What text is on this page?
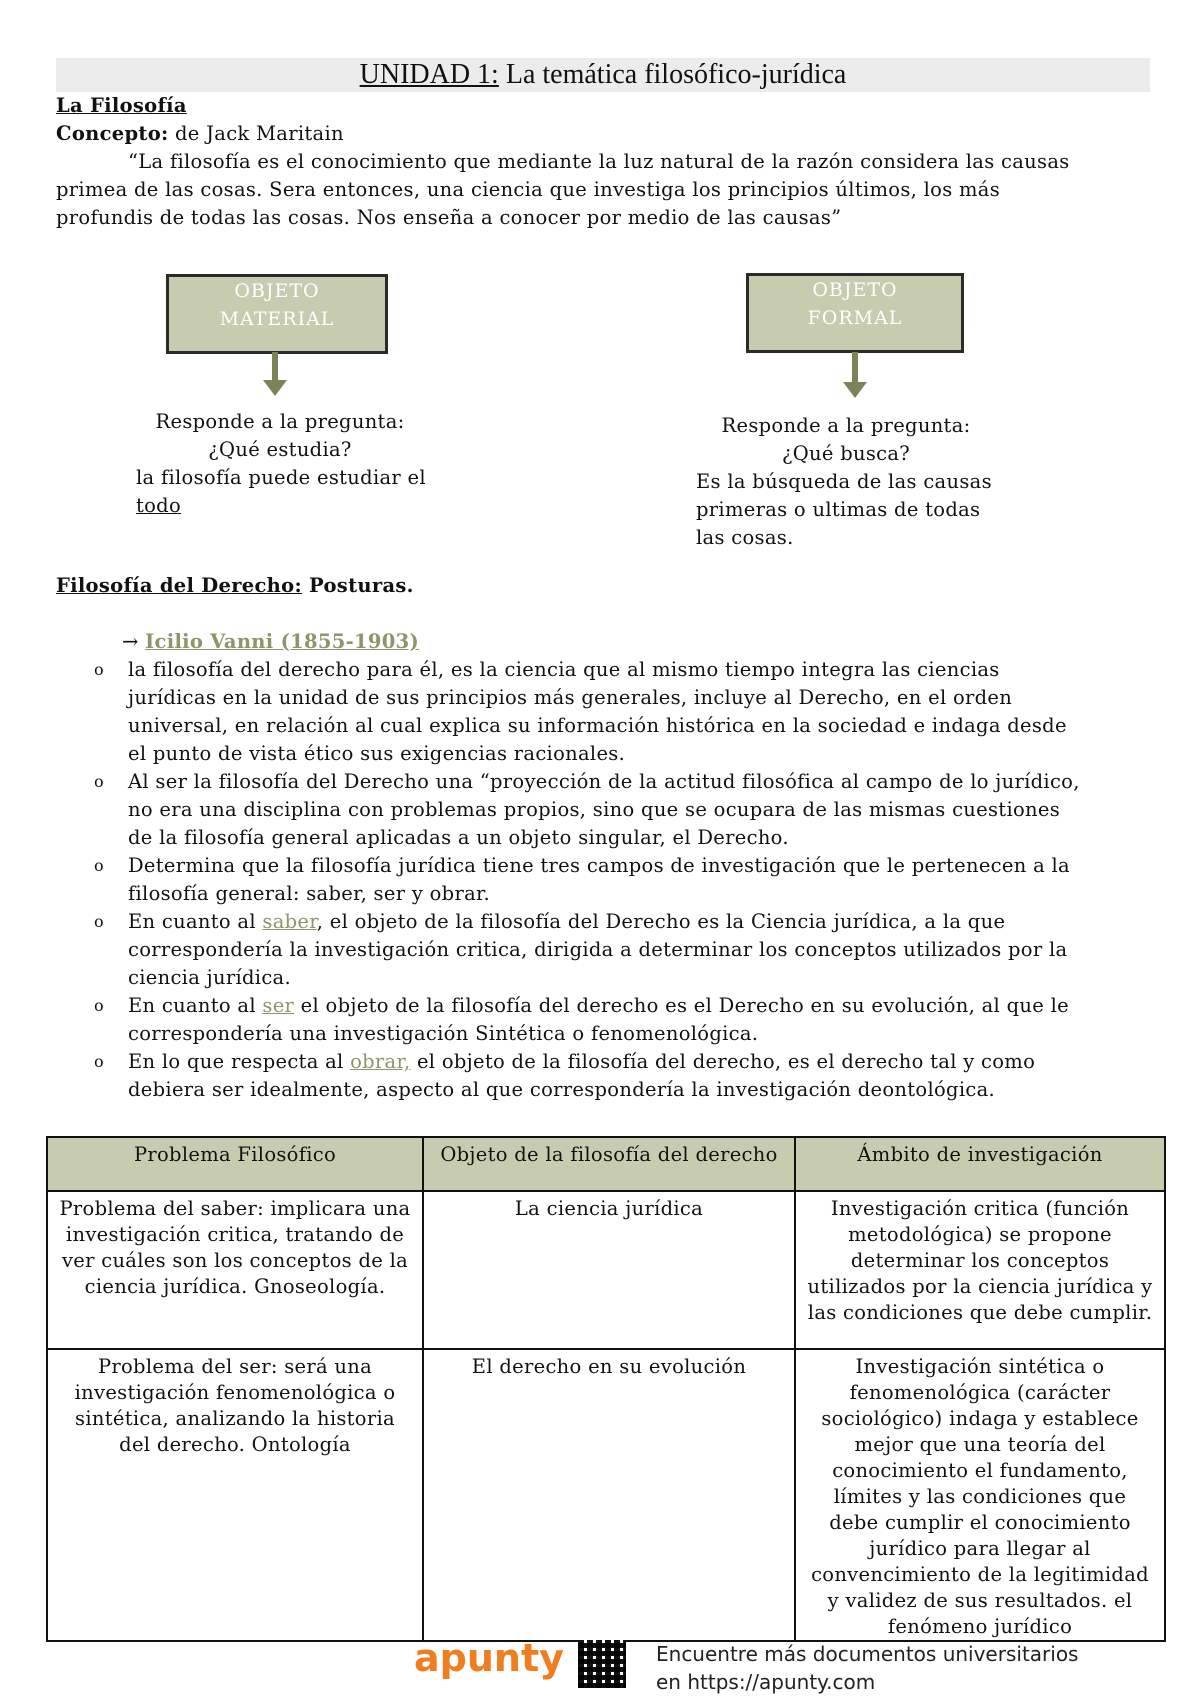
UNIDAD 1: La temática filosófico-jurídica
La Filosofía
Concepto: de Jack Maritain
“La filosofía es el conocimiento que mediante la luz natural de la razón considera las causas
primea de las cosas. Sera entonces, una ciencia que investiga los principios últimos, los más
profundis de todas las cosas. Nos enseña a conocer por medio de las causas”
OBJETO
MATERIAL
Responde a la pregunta:
¿Qué estudia?
la filosofía puede estudiar el
todo
OBJETO
FORMAL
Responde a la pregunta:
¿Qué busca?
Es la búsqueda de las causas
primeras o ultimas de todas
las cosas.
Filosofía del Derecho: Posturas.
→ Icilio Vanni (1855-1903)
o la filosofía del derecho para él, es la ciencia que al mismo tiempo integra las ciencias
jurídicas en la unidad de sus principios más generales, incluye al Derecho, en el orden
universal, en relación al cual explica su información histórica en la sociedad e indaga desde
el punto de vista ético sus exigencias racionales.
o Al ser la filosofía del Derecho una “proyección de la actitud filosófica al campo de lo jurídico,
no era una disciplina con problemas propios, sino que se ocupara de las mismas cuestiones
de la filosofía general aplicadas a un objeto singular, el Derecho.
o Determina que la filosofía jurídica tiene tres campos de investigación que le pertenecen a la
filosofía general: saber, ser y obrar.
o En cuanto al saber, el objeto de la filosofía del Derecho es la Ciencia jurídica, a la que
correspondería la investigación critica, dirigida a determinar los conceptos utilizados por la
ciencia jurídica.
o En cuanto al ser el objeto de la filosofía del derecho es el Derecho en su evolución, al que le
correspondería una investigación Sintética o fenomenológica.
o En lo que respecta al obrar, el objeto de la filosofía del derecho, es el derecho tal y como
debiera ser idealmente, aspecto al que correspondería la investigación deontológica.
Problema Filosófico	Objeto de la filosofía del derecho	Ámbito de investigación
Problema del saber: implicara una investigación critica, tratando de ver cuáles son los conceptos de la ciencia jurídica. Gnoseología.	La ciencia jurídica	Investigación critica (función metodológica) se propone determinar los conceptos utilizados por la ciencia jurídica y las condiciones que debe cumplir.
Problema del ser: será una investigación fenomenológica o sintética, analizando la historia del derecho. Ontología	El derecho en su evolución	Investigación sintética o fenomenológica (carácter sociológico) indaga y establece mejor que una teoría del conocimiento el fundamento, límites y las condiciones que debe cumplir el conocimiento jurídico para llegar al convencimiento de la legitimidad y validez de sus resultados. el fenómeno jurídico
apunty	Encuentre más documentos universitarios
en https://apunty.com
